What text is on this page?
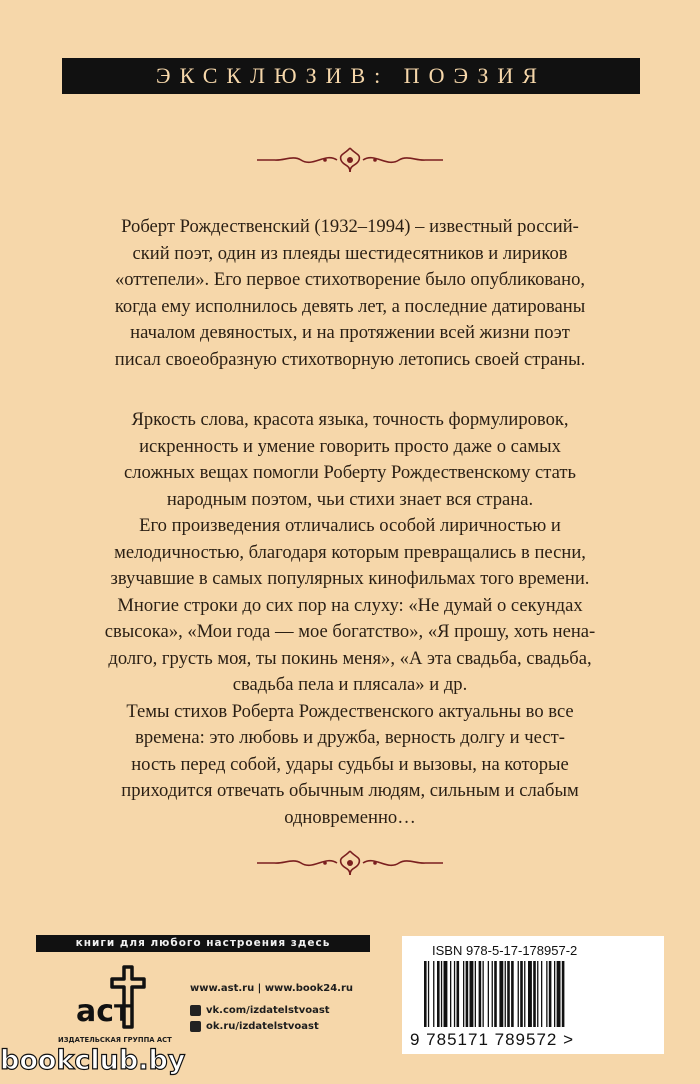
ЭКСКЛЮЗИВ: ПОЭЗИЯ

Роберт Рождественский (1932–1994) – известный россий-

ский поэт, один из плеяды шестидесятников и лириков

«оттепели». Его первое стихотворение было опубликовано,

когда ему исполнилось девять лет, а последние датированы

началом девяностых, и на протяжении всей жизни поэт

писал своеобразную стихотворную летопись своей страны.

Яркость слова, красота языка, точность формулировок,

искренность и умение говорить просто даже о самых

сложных вещах помогли Роберту Рождественскому стать

народным поэтом, чьи стихи знает вся страна.

Его произведения отличались особой лиричностью и

мелодичностью, благодаря которым превращались в песни,

звучавшие в самых популярных кинофильмах того времени.

Многие строки до сих пор на слуху: «Не думай о секундах

свысока», «Мои года — мое богатство», «Я прошу, хоть нена-

долго, грусть моя, ты покинь меня», «А эта свадьба, свадьба,

свадьба пела и плясала» и др.

Темы стихов Роберта Рождественского актуальны во все

времена: это любовь и дружба, верность долгу и чест-

ность перед собой, удары судьбы и вызовы, на которые

приходится отвечать обычным людям, сильным и слабым

одновременно…

книги для любого настроения здесь
аст
ИЗДАТЕЛЬСКАЯ ГРУППА АСТ
www.ast.ru | www.book24.ru
vk.com/izdatelstvoast
ok.ru/izdatelstvoast
ISBN 978-5-17-178957-2
9 785171 789572 >
bookclub.by
